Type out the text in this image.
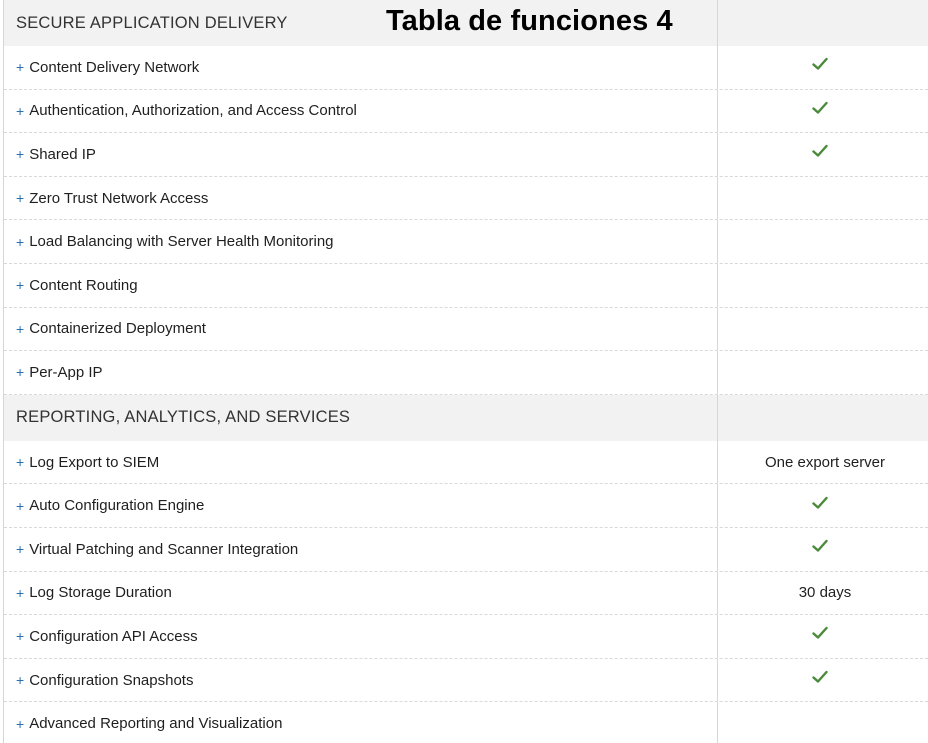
SECURE APPLICATION DELIVERY
+ Content Delivery Network
+ Authentication, Authorization, and Access Control
+ Shared IP
+ Zero Trust Network Access
+ Load Balancing with Server Health Monitoring
+ Content Routing
+ Containerized Deployment
+ Per-App IP
REPORTING, ANALYTICS, AND SERVICES
+ Log Export to SIEM	One export server
+ Auto Configuration Engine
+ Virtual Patching and Scanner Integration
+ Log Storage Duration	30 days
+ Configuration API Access
+ Configuration Snapshots
+ Advanced Reporting and Visualization
Tabla de funciones 4
